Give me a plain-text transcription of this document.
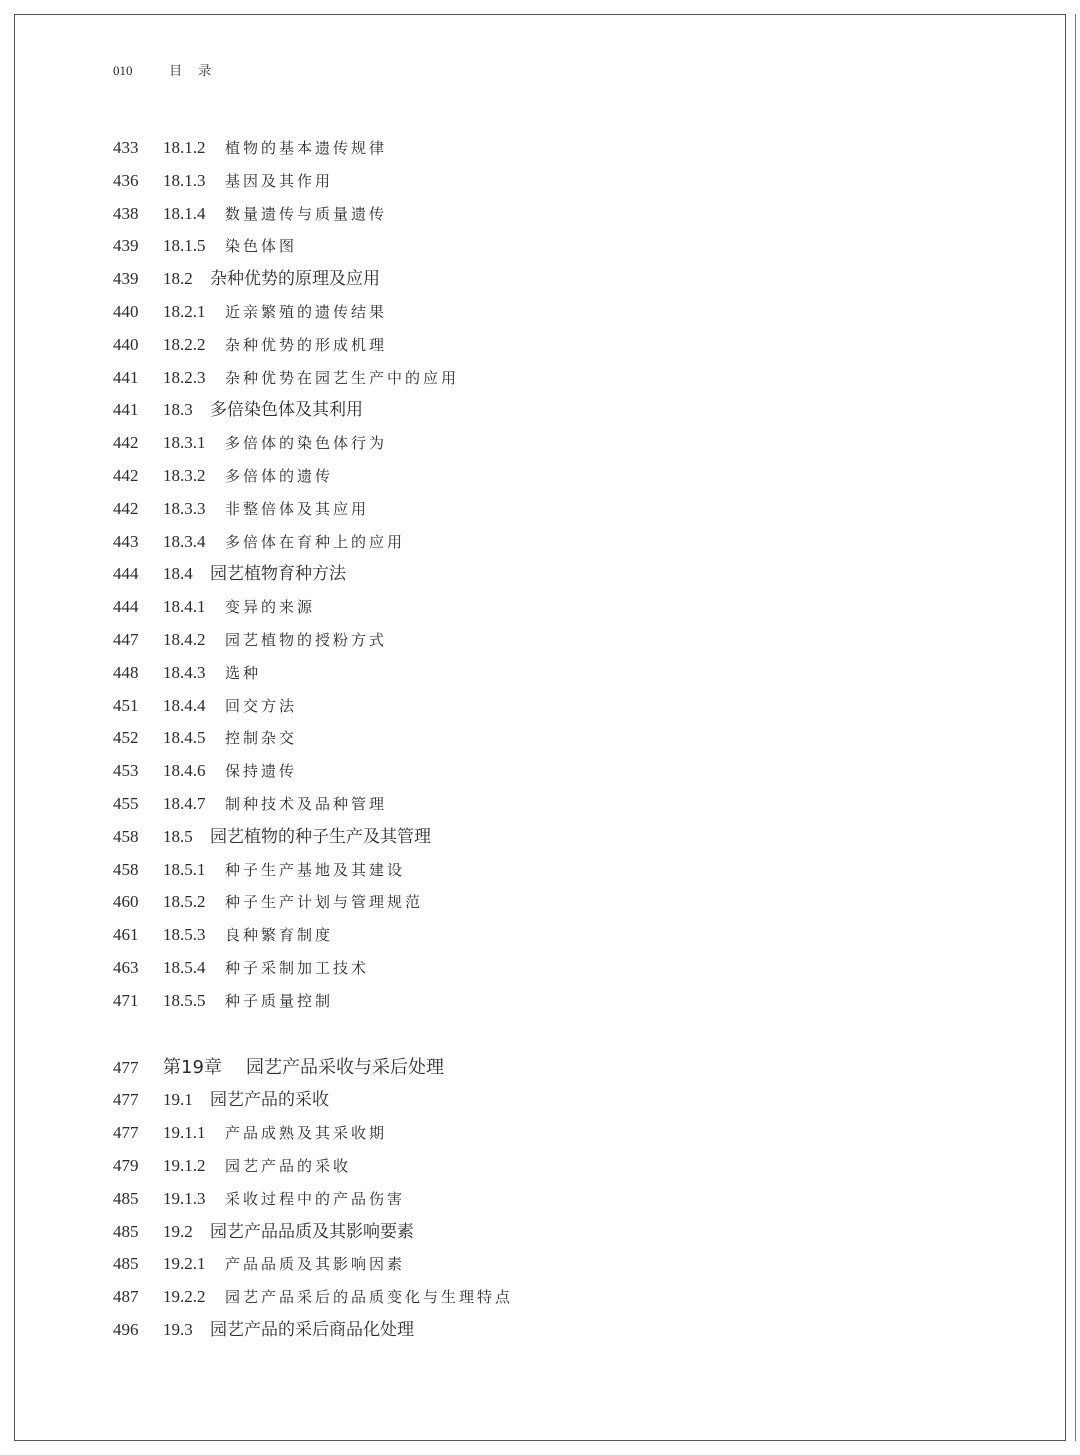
010	目 录
433 18.1.2 植物的基本遗传规律
436 18.1.3 基因及其作用
438 18.1.4 数量遗传与质量遗传
439 18.1.5 染色体图
439 18.2 杂种优势的原理及应用
440 18.2.1 近亲繁殖的遗传结果
440 18.2.2 杂种优势的形成机理
441 18.2.3 杂种优势在园艺生产中的应用
441 18.3 多倍染色体及其利用
442 18.3.1 多倍体的染色体行为
442 18.3.2 多倍体的遗传
442 18.3.3 非整倍体及其应用
443 18.3.4 多倍体在育种上的应用
444 18.4 园艺植物育种方法
444 18.4.1 变异的来源
447 18.4.2 园艺植物的授粉方式
448 18.4.3 选种
451 18.4.4 回交方法
452 18.4.5 控制杂交
453 18.4.6 保持遗传
455 18.4.7 制种技术及品种管理
458 18.5 园艺植物的种子生产及其管理
458 18.5.1 种子生产基地及其建设
460 18.5.2 种子生产计划与管理规范
461 18.5.3 良种繁育制度
463 18.5.4 种子采制加工技术
471 18.5.5 种子质量控制
477 第19章 园艺产品采收与采后处理
477 19.1 园艺产品的采收
477 19.1.1 产品成熟及其采收期
479 19.1.2 园艺产品的采收
485 19.1.3 采收过程中的产品伤害
485 19.2 园艺产品品质及其影响要素
485 19.2.1 产品品质及其影响因素
487 19.2.2 园艺产品采后的品质变化与生理特点
496 19.3 园艺产品的采后商品化处理
